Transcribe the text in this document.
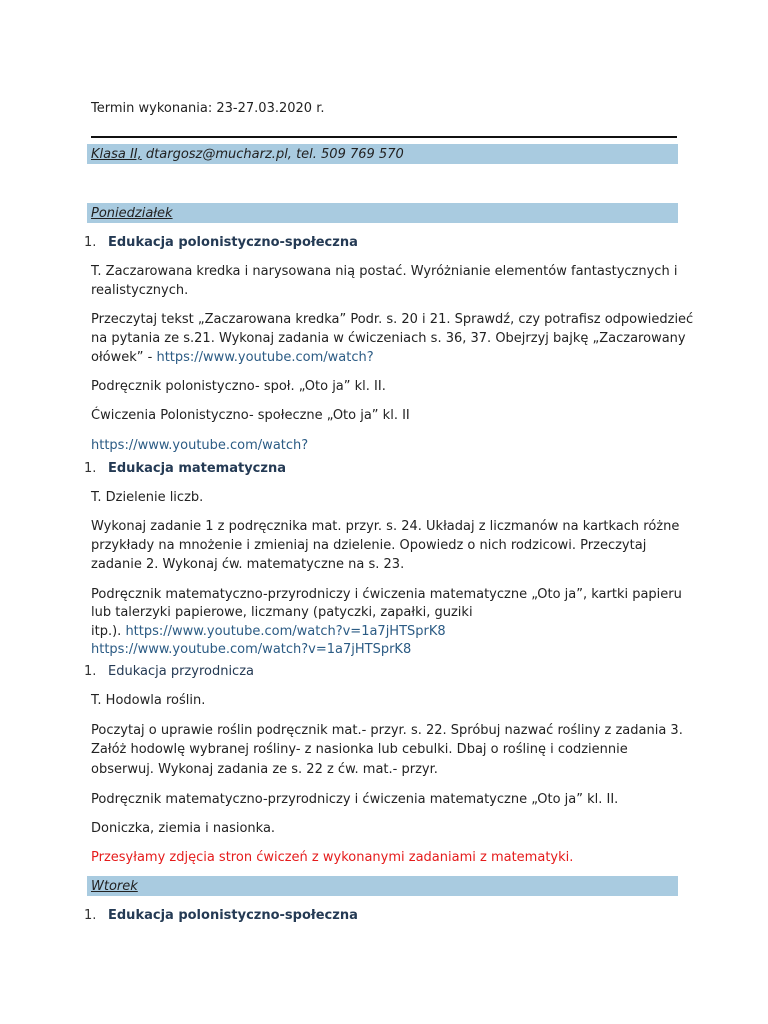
Termin wykonania: 23-27.03.2020 r.
Klasa II, dtargosz@mucharz.pl, tel. 509 769 570
Poniedziałek
1. Edukacja polonistyczno-społeczna
T. Zaczarowana kredka i narysowana nią postać. Wyróżnianie elementów fantastycznych i
realistycznych.
Przeczytaj tekst „Zaczarowana kredka” Podr. s. 20 i 21. Sprawdź, czy potrafisz odpowiedzieć
na pytania ze s.21. Wykonaj zadania w ćwiczeniach s. 36, 37. Obejrzyj bajkę „Zaczarowany
ołówek” - https://www.youtube.com/watch?
Podręcznik polonistyczno- społ. „Oto ja” kl. II.
Ćwiczenia Polonistyczno- społeczne „Oto ja” kl. II
https://www.youtube.com/watch?
1. Edukacja matematyczna
T. Dzielenie liczb.
Wykonaj zadanie 1 z podręcznika mat. przyr. s. 24. Układaj z liczmanów na kartkach różne
przykłady na mnożenie i zmieniaj na dzielenie. Opowiedz o nich rodzicowi. Przeczytaj
zadanie 2. Wykonaj ćw. matematyczne na s. 23.
Podręcznik matematyczno-przyrodniczy i ćwiczenia matematyczne „Oto ja”, kartki papieru
lub talerzyki papierowe, liczmany (patyczki, zapałki, guziki
itp.). https://www.youtube.com/watch?v=1a7jHTSprK8
https://www.youtube.com/watch?v=1a7jHTSprK8
1. Edukacja przyrodnicza
T. Hodowla roślin.
Poczytaj o uprawie roślin podręcznik mat.- przyr. s. 22. Spróbuj nazwać rośliny z zadania 3.
Załóż hodowlę wybranej rośliny- z nasionka lub cebulki. Dbaj o roślinę i codziennie
obserwuj. Wykonaj zadania ze s. 22 z ćw. mat.- przyr.
Podręcznik matematyczno-przyrodniczy i ćwiczenia matematyczne „Oto ja” kl. II.
Doniczka, ziemia i nasionka.
Przesyłamy zdjęcia stron ćwiczeń z wykonanymi zadaniami z matematyki.
Wtorek
1. Edukacja polonistyczno-społeczna
